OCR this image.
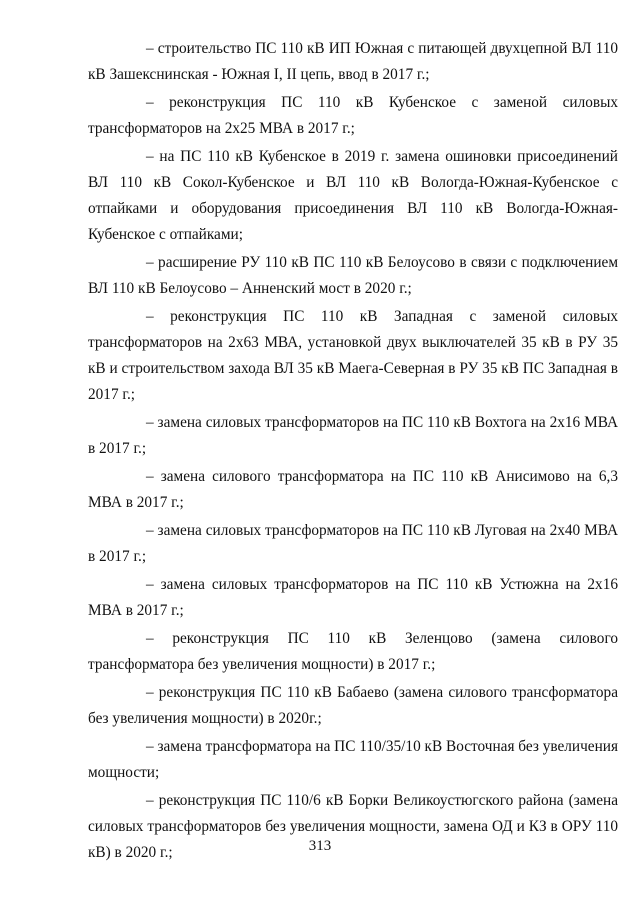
– строительство ПС 110 кВ ИП Южная с питающей двухцепной ВЛ 110 кВ Зашекснинская - Южная I, II цепь, ввод в 2017 г.;

– реконструкция ПС 110 кВ Кубенское с заменой силовых трансформаторов на 2х25 МВА в 2017 г.;

– на ПС 110 кВ Кубенское в 2019 г. замена ошиновки присоединений ВЛ 110 кВ Сокол-Кубенское и ВЛ 110 кВ Вологда-Южная-Кубенское с отпайками и оборудования присоединения ВЛ 110 кВ Вологда-Южная-Кубенское с отпайками;

– расширение РУ 110 кВ ПС 110 кВ Белоусово в связи с подключением ВЛ 110 кВ Белоусово – Анненский мост в 2020 г.;

– реконструкция ПС 110 кВ Западная с заменой силовых трансформаторов на 2х63 МВА, установкой двух выключателей 35 кВ в РУ 35 кВ и строительством захода ВЛ 35 кВ Маега-Северная в РУ 35 кВ ПС Западная в 2017 г.;

– замена силовых трансформаторов на ПС 110 кВ Вохтога на 2х16 МВА в 2017 г.;

– замена силового трансформатора на ПС 110 кВ Анисимово на 6,3 МВА в 2017 г.;

– замена силовых трансформаторов на ПС 110 кВ Луговая на 2х40 МВА в 2017 г.;

– замена силовых трансформаторов на ПС 110 кВ Устюжна на 2х16 МВА в 2017 г.;

– реконструкция ПС 110 кВ Зеленцово (замена силового трансформатора без увеличения мощности) в 2017 г.;

– реконструкция ПС 110 кВ Бабаево (замена силового трансформатора без увеличения мощности) в 2020г.;

– замена трансформатора на ПС 110/35/10 кВ Восточная без увеличения мощности;

– реконструкция ПС 110/6 кВ Борки Великоустюгского района (замена силовых трансформаторов без увеличения мощности, замена ОД и КЗ в ОРУ 110 кВ) в 2020 г.;	313
